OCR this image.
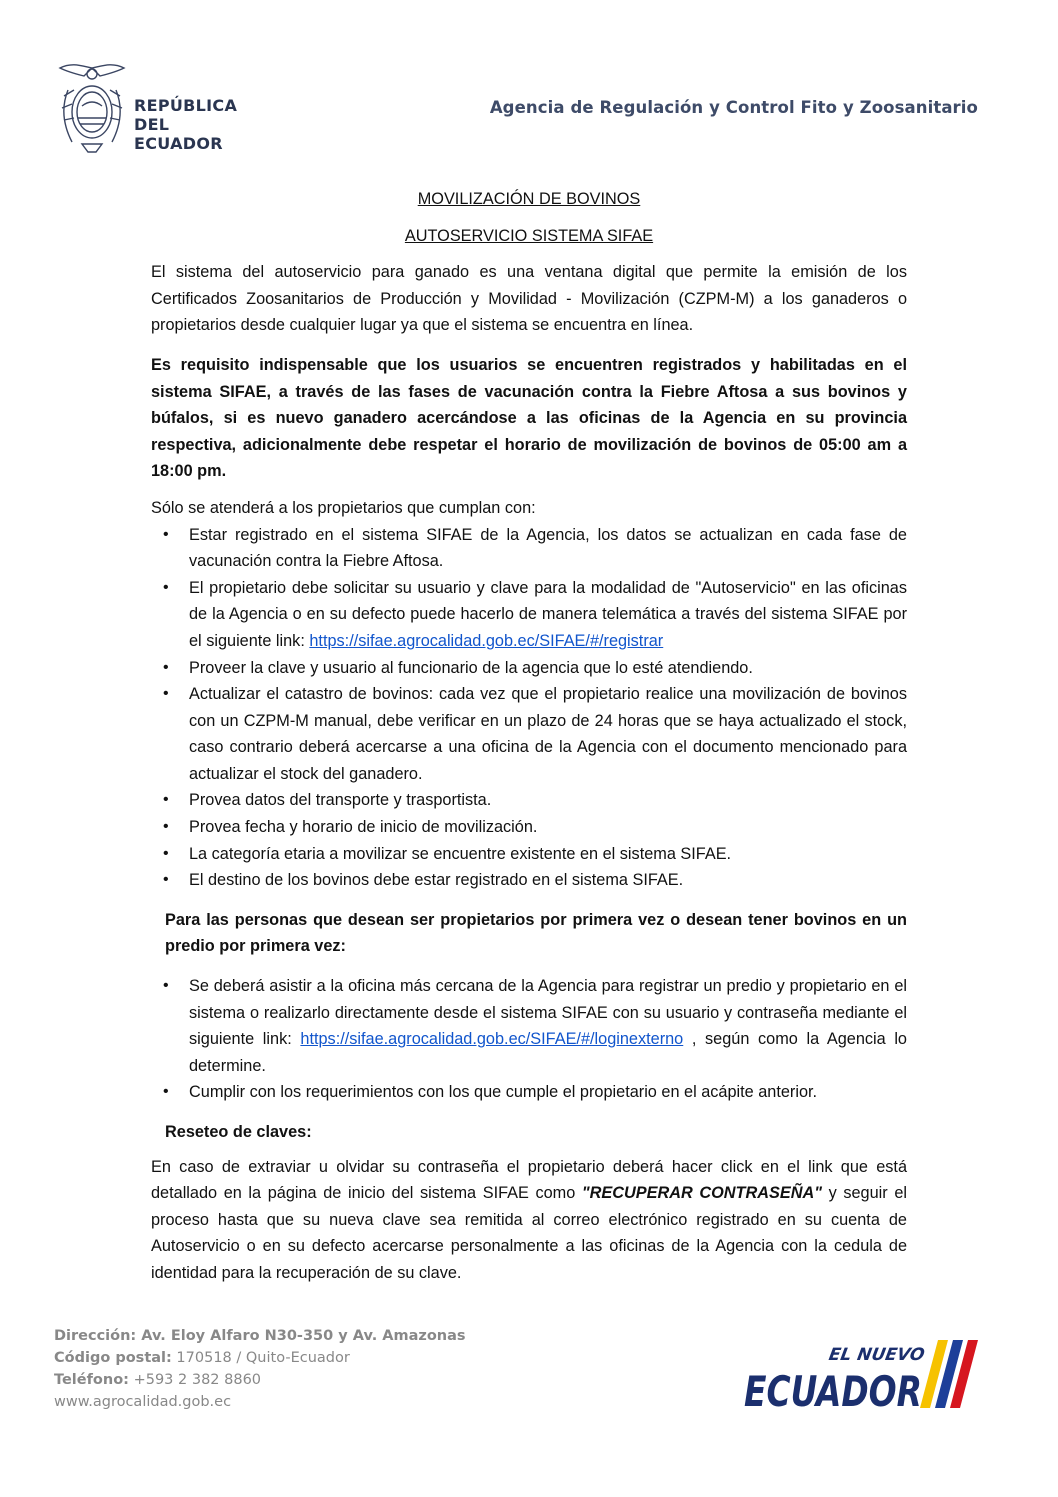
REPÚBLICA
DEL ECUADOR
Agencia de Regulación y Control Fito y Zoosanitario
MOVILIZACIÓN DE BOVINOS
AUTOSERVICIO SISTEMA SIFAE

El sistema del autoservicio para ganado es una ventana digital que permite la emisión de los Certificados Zoosanitarios de Producción y Movilidad - Movilización (CZPM-M) a los ganaderos o propietarios desde cualquier lugar ya que el sistema se encuentra en línea.

Es requisito indispensable que los usuarios se encuentren registrados y habilitadas en el sistema SIFAE, a través de las fases de vacunación contra la Fiebre Aftosa a sus bovinos y búfalos, si es nuevo ganadero acercándose a las oficinas de la Agencia en su provincia respectiva, adicionalmente debe respetar el horario de movilización de bovinos de 05:00 am a 18:00 pm.

Sólo se atenderá a los propietarios que cumplan con:

• Estar registrado en el sistema SIFAE de la Agencia, los datos se actualizan en cada fase de vacunación contra la Fiebre Aftosa.
• El propietario debe solicitar su usuario y clave para la modalidad de "Autoservicio" en las oficinas de la Agencia o en su defecto puede hacerlo de manera telemática a través del sistema SIFAE por el siguiente link: https://sifae.agrocalidad.gob.ec/SIFAE/#/registrar
• Proveer la clave y usuario al funcionario de la agencia que lo esté atendiendo.
• Actualizar el catastro de bovinos: cada vez que el propietario realice una movilización de bovinos con un CZPM-M manual, debe verificar en un plazo de 24 horas que se haya actualizado el stock, caso contrario deberá acercarse a una oficina de la Agencia con el documento mencionado para actualizar el stock del ganadero.
• Provea datos del transporte y trasportista.
• Provea fecha y horario de inicio de movilización.
• La categoría etaria a movilizar se encuentre existente en el sistema SIFAE.
• El destino de los bovinos debe estar registrado en el sistema SIFAE.

Para las personas que desean ser propietarios por primera vez o desean tener bovinos en un predio por primera vez:

• Se deberá asistir a la oficina más cercana de la Agencia para registrar un predio y propietario en el sistema o realizarlo directamente desde el sistema SIFAE con su usuario y contraseña mediante el siguiente link: https://sifae.agrocalidad.gob.ec/SIFAE/#/loginexterno , según como la Agencia lo determine.
• Cumplir con los requerimientos con los que cumple el propietario en el acápite anterior.

Reseteo de claves:

En caso de extraviar u olvidar su contraseña el propietario deberá hacer click en el link que está detallado en la página de inicio del sistema SIFAE como "RECUPERAR CONTRASEÑA" y seguir el proceso hasta que su nueva clave sea remitida al correo electrónico registrado en su cuenta de Autoservicio o en su defecto acercarse personalmente a las oficinas de la Agencia con la cedula de identidad para la recuperación de su clave.

Dirección: Av. Eloy Alfaro N30-350 y Av. Amazonas
Código postal: 170518 / Quito-Ecuador
Teléfono: +593 2 382 8860
www.agrocalidad.gob.ec
EL NUEVO
ECUADOR
